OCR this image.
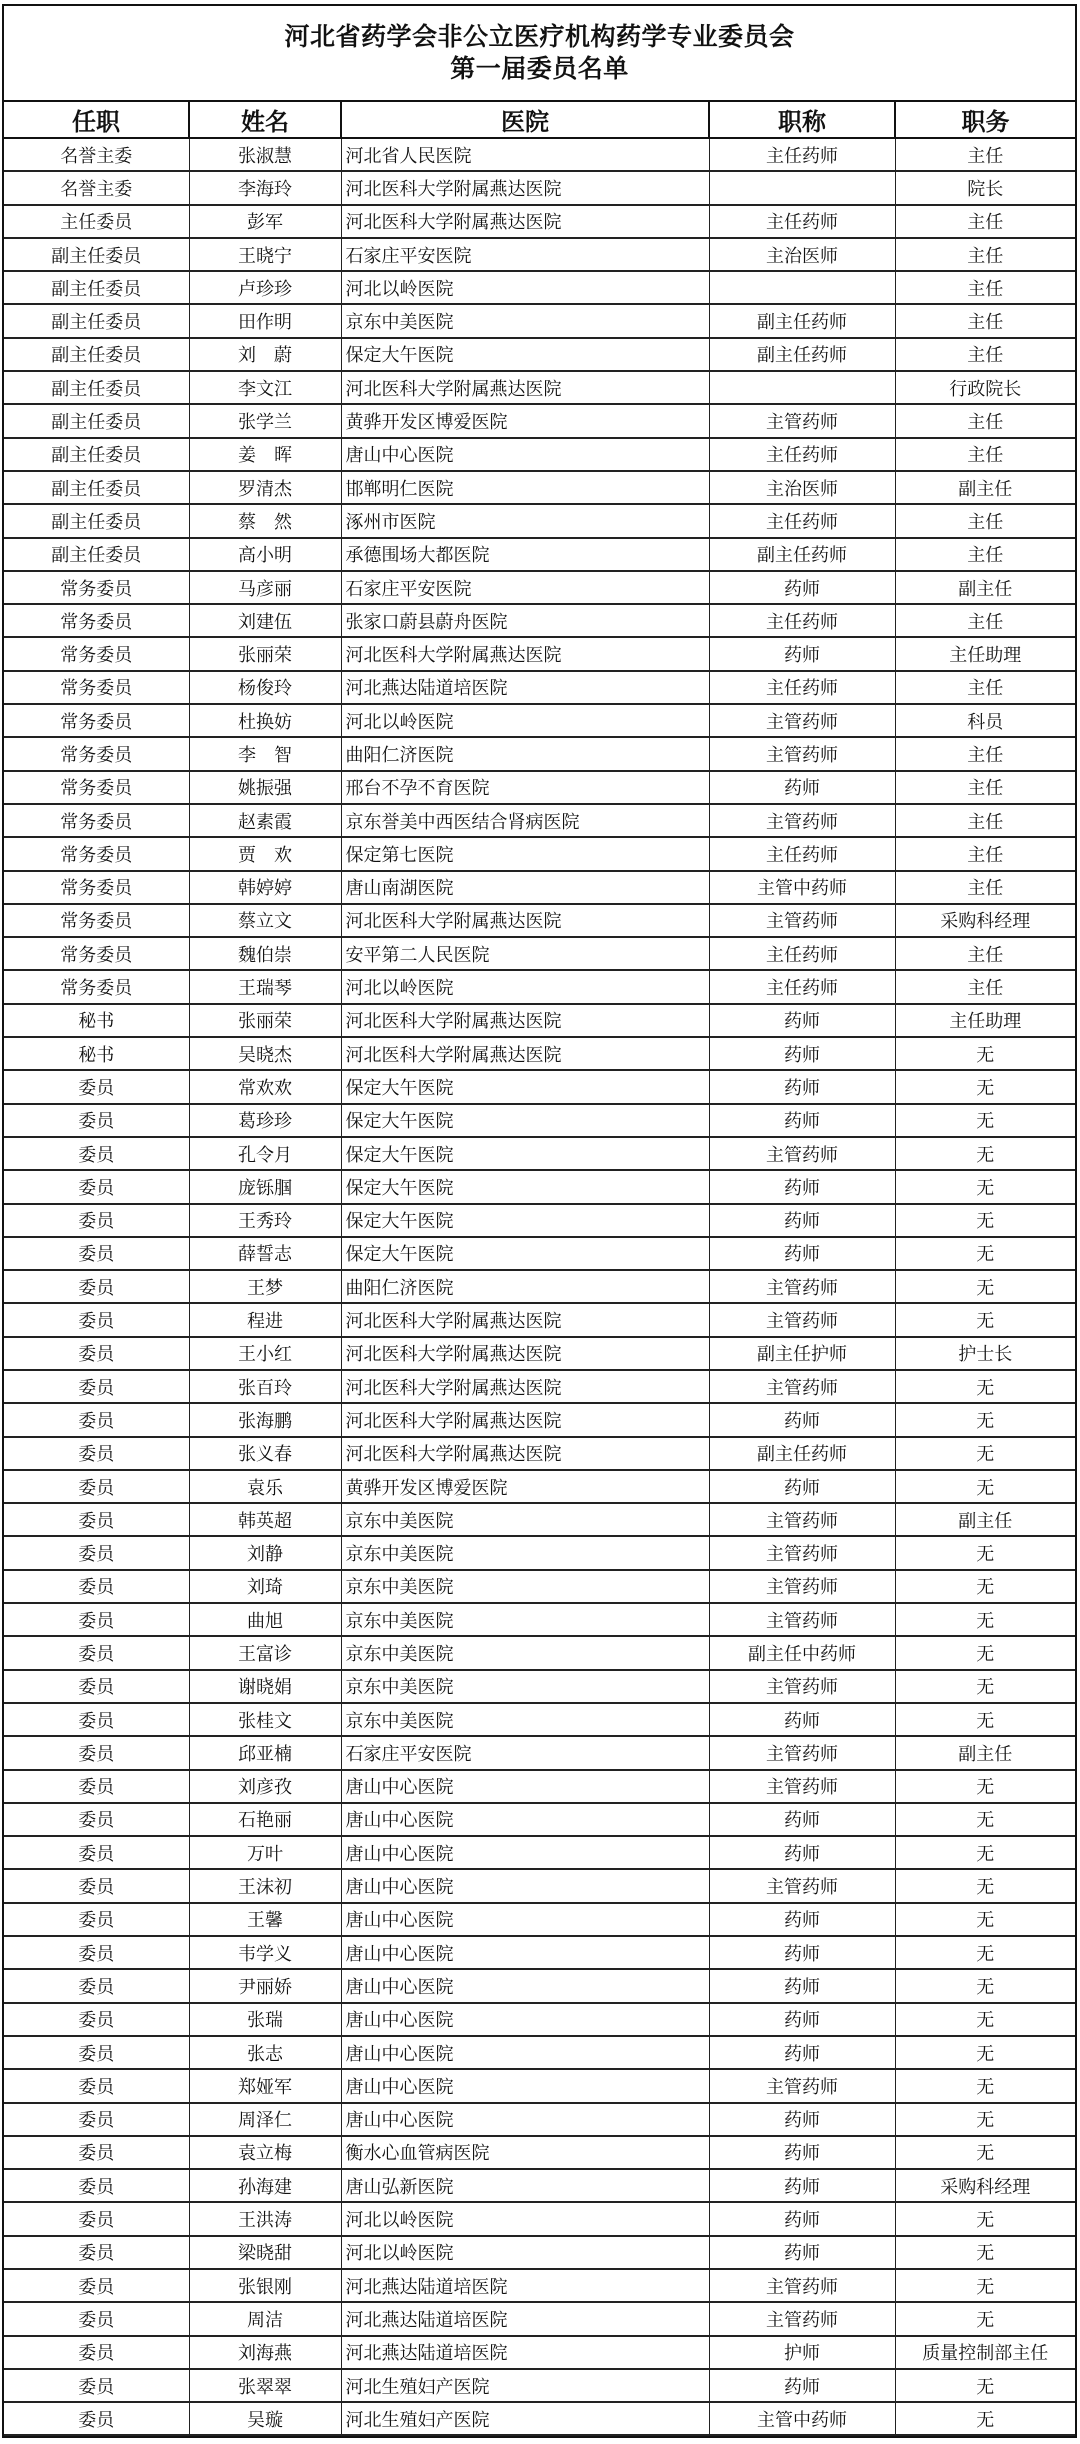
河北省药学会非公立医疗机构药学专业委员会
第一届委员名单
任职	姓名	医院	职称	职务
名誉主委	张淑慧	河北省人民医院	主任药师	主任
名誉主委	李海玲	河北医科大学附属燕达医院		院长
主任委员	彭军	河北医科大学附属燕达医院	主任药师	主任
副主任委员	王晓宁	石家庄平安医院	主治医师	主任
副主任委员	卢珍珍	河北以岭医院		主任
副主任委员	田作明	京东中美医院	副主任药师	主任
副主任委员	刘　蔚	保定大午医院	副主任药师	主任
副主任委员	李文江	河北医科大学附属燕达医院		行政院长
副主任委员	张学兰	黄骅开发区博爱医院	主管药师	主任
副主任委员	姜　晖	唐山中心医院	主任药师	主任
副主任委员	罗清杰	邯郸明仁医院	主治医师	副主任
副主任委员	蔡　然	涿州市医院	主任药师	主任
副主任委员	高小明	承德围场大都医院	副主任药师	主任
常务委员	马彦丽	石家庄平安医院	药师	副主任
常务委员	刘建伍	张家口蔚县蔚舟医院	主任药师	主任
常务委员	张丽荣	河北医科大学附属燕达医院	药师	主任助理
常务委员	杨俊玲	河北燕达陆道培医院	主任药师	主任
常务委员	杜换妨	河北以岭医院	主管药师	科员
常务委员	李　智	曲阳仁济医院	主管药师	主任
常务委员	姚振强	邢台不孕不育医院	药师	主任
常务委员	赵素霞	京东誉美中西医结合肾病医院	主管药师	主任
常务委员	贾　欢	保定第七医院	主任药师	主任
常务委员	韩婷婷	唐山南湖医院	主管中药师	主任
常务委员	蔡立文	河北医科大学附属燕达医院	主管药师	采购科经理
常务委员	魏伯崇	安平第二人民医院	主任药师	主任
常务委员	王瑞琴	河北以岭医院	主任药师	主任
秘书	张丽荣	河北医科大学附属燕达医院	药师	主任助理
秘书	吴晓杰	河北医科大学附属燕达医院	药师	无
委员	常欢欢	保定大午医院	药师	无
委员	葛珍珍	保定大午医院	药师	无
委员	孔令月	保定大午医院	主管药师	无
委员	庞铄腘	保定大午医院	药师	无
委员	王秀玲	保定大午医院	药师	无
委员	薛誓志	保定大午医院	药师	无
委员	王梦	曲阳仁济医院	主管药师	无
委员	程进	河北医科大学附属燕达医院	主管药师	无
委员	王小红	河北医科大学附属燕达医院	副主任护师	护士长
委员	张百玲	河北医科大学附属燕达医院	主管药师	无
委员	张海鹏	河北医科大学附属燕达医院	药师	无
委员	张义春	河北医科大学附属燕达医院	副主任药师	无
委员	袁乐	黄骅开发区博爱医院	药师	无
委员	韩英超	京东中美医院	主管药师	副主任
委员	刘静	京东中美医院	主管药师	无
委员	刘琦	京东中美医院	主管药师	无
委员	曲旭	京东中美医院	主管药师	无
委员	王富诊	京东中美医院	副主任中药师	无
委员	谢晓娟	京东中美医院	主管药师	无
委员	张桂文	京东中美医院	药师	无
委员	邱亚楠	石家庄平安医院	主管药师	副主任
委员	刘彦孜	唐山中心医院	主管药师	无
委员	石艳丽	唐山中心医院	药师	无
委员	万叶	唐山中心医院	药师	无
委员	王沫初	唐山中心医院	主管药师	无
委员	王馨	唐山中心医院	药师	无
委员	韦学义	唐山中心医院	药师	无
委员	尹丽娇	唐山中心医院	药师	无
委员	张瑞	唐山中心医院	药师	无
委员	张志	唐山中心医院	药师	无
委员	郑娅军	唐山中心医院	主管药师	无
委员	周泽仁	唐山中心医院	药师	无
委员	袁立梅	衡水心血管病医院	药师	无
委员	孙海建	唐山弘新医院	药师	采购科经理
委员	王洪涛	河北以岭医院	药师	无
委员	梁晓甜	河北以岭医院	药师	无
委员	张银刚	河北燕达陆道培医院	主管药师	无
委员	周洁	河北燕达陆道培医院	主管药师	无
委员	刘海燕	河北燕达陆道培医院	护师	质量控制部主任
委员	张翠翠	河北生殖妇产医院	药师	无
委员	吴璇	河北生殖妇产医院	主管中药师	无
